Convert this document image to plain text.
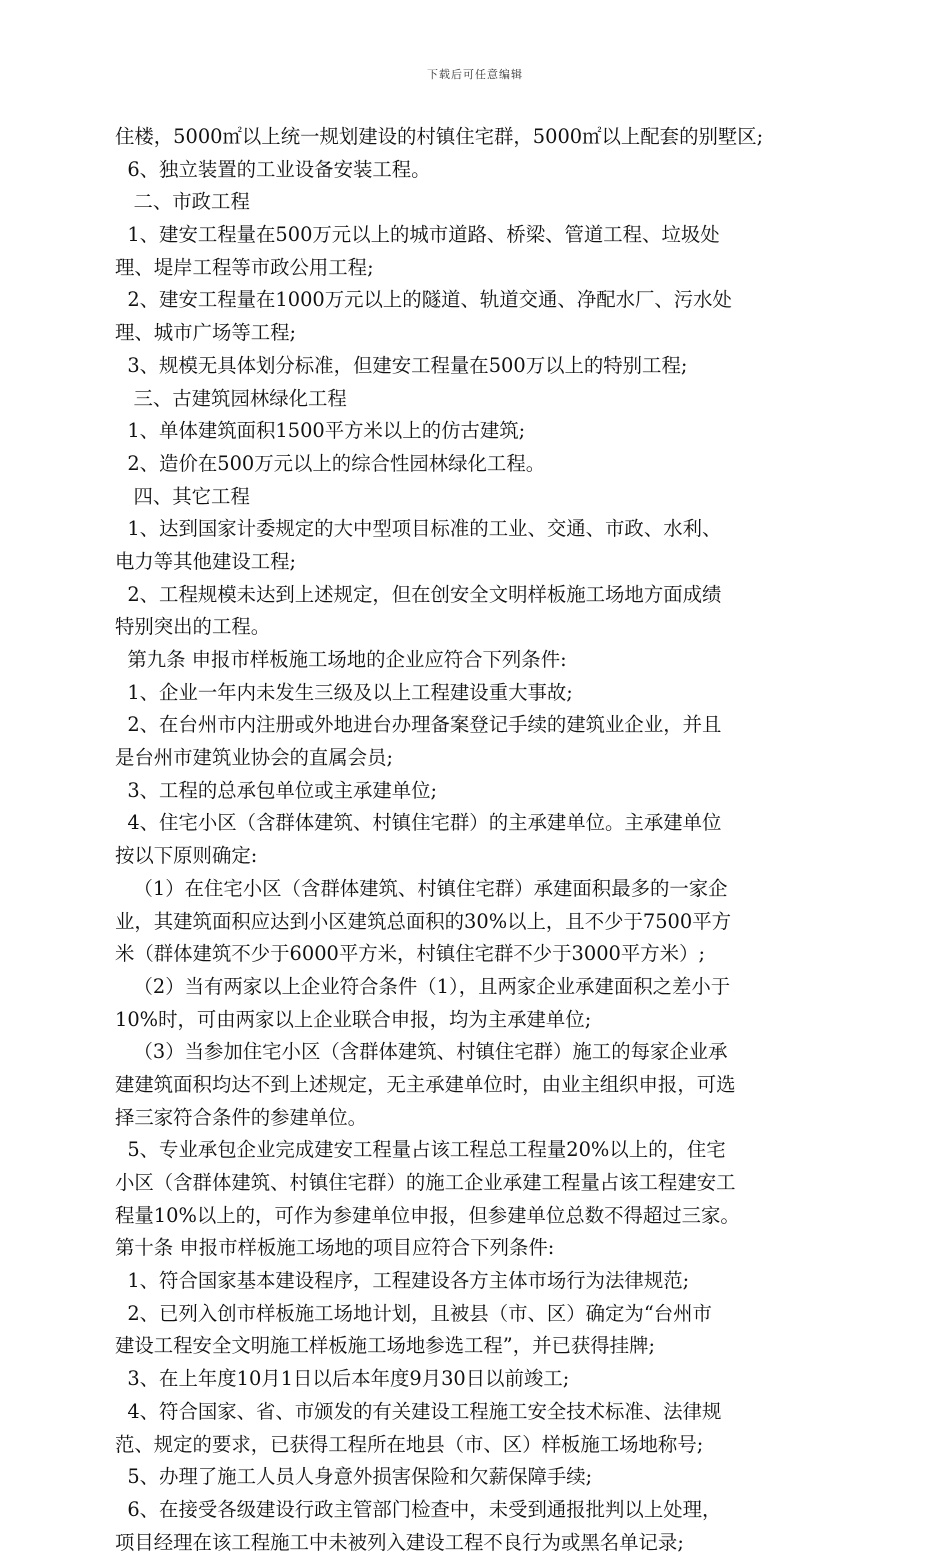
下载后可任意编辑
住楼，5000㎡以上统一规划建设的村镇住宅群，5000㎡以上配套的别墅区;
6、独立装置的工业设备安装工程。
二、市政工程
1、建安工程量在500万元以上的城市道路、桥梁、管道工程、垃圾处
理、堤岸工程等市政公用工程;
2、建安工程量在1000万元以上的隧道、轨道交通、净配水厂、污水处
理、城市广场等工程;
3、规模无具体划分标准，但建安工程量在500万以上的特别工程;
三、古建筑园林绿化工程
1、单体建筑面积1500平方米以上的仿古建筑;
2、造价在500万元以上的综合性园林绿化工程。
四、其它工程
1、达到国家计委规定的大中型项目标准的工业、交通、市政、水利、
电力等其他建设工程;
2、工程规模未达到上述规定，但在创安全文明样板施工场地方面成绩
特别突出的工程。
第九条 申报市样板施工场地的企业应符合下列条件:
1、企业一年内未发生三级及以上工程建设重大事故;
2、在台州市内注册或外地进台办理备案登记手续的建筑业企业，并且
是台州市建筑业协会的直属会员;
3、工程的总承包单位或主承建单位;
4、住宅小区（含群体建筑、村镇住宅群）的主承建单位。主承建单位
按以下原则确定:
（1）在住宅小区（含群体建筑、村镇住宅群）承建面积最多的一家企
业，其建筑面积应达到小区建筑总面积的30%以上，且不少于7500平方
米（群体建筑不少于6000平方米，村镇住宅群不少于3000平方米）;
（2）当有两家以上企业符合条件（1），且两家企业承建面积之差小于
10%时，可由两家以上企业联合申报，均为主承建单位;
（3）当参加住宅小区（含群体建筑、村镇住宅群）施工的每家企业承
建建筑面积均达不到上述规定，无主承建单位时，由业主组织申报，可选
择三家符合条件的参建单位。
5、专业承包企业完成建安工程量占该工程总工程量20%以上的，住宅
小区（含群体建筑、村镇住宅群）的施工企业承建工程量占该工程建安工
程量10%以上的，可作为参建单位申报，但参建单位总数不得超过三家。
第十条 申报市样板施工场地的项目应符合下列条件:
1、符合国家基本建设程序，工程建设各方主体市场行为法律规范;
2、已列入创市样板施工场地计划，且被县（市、区）确定为“台州市
建设工程安全文明施工样板施工场地参选工程”，并已获得挂牌;
3、在上年度10月1日以后本年度9月30日以前竣工;
4、符合国家、省、市颁发的有关建设工程施工安全技术标准、法律规
范、规定的要求，已获得工程所在地县（市、区）样板施工场地称号;
5、办理了施工人员人身意外损害保险和欠薪保障手续;
6、在接受各级建设行政主管部门检查中，未受到通报批判以上处理，
项目经理在该工程施工中未被列入建设工程不良行为或黑名单记录;
